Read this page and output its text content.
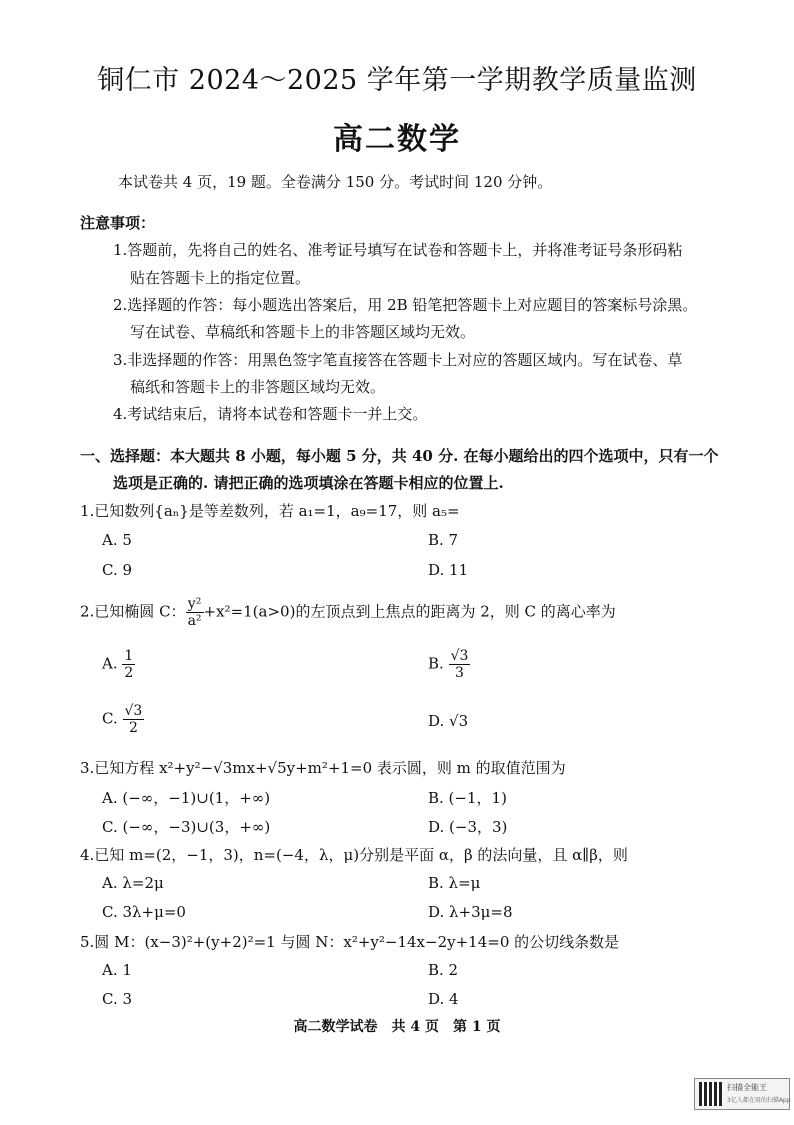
铜仁市 2024～2025 学年第一学期教学质量监测
高二数学
本试卷共 4 页，19 题。全卷满分 150 分。考试时间 120 分钟。
注意事项：
1.答题前，先将自己的姓名、准考证号填写在试卷和答题卡上，并将准考证号条形码粘
贴在答题卡上的指定位置。
2.选择题的作答：每小题选出答案后，用 2B 铅笔把答题卡上对应题目的答案标号涂黑。
写在试卷、草稿纸和答题卡上的非答题区域均无效。
3.非选择题的作答：用黑色签字笔直接答在答题卡上对应的答题区域内。写在试卷、草
稿纸和答题卡上的非答题区域均无效。
4.考试结束后，请将本试卷和答题卡一并上交。
一、选择题：本大题共 8 小题，每小题 5 分，共 40 分. 在每小题给出的四个选项中，只有一个
选项是正确的. 请把正确的选项填涂在答题卡相应的位置上.
1.已知数列{aₙ}是等差数列，若 a₁=1，a₉=17，则 a₅=
A. 5	B. 7
C. 9	D. 11
2.已知椭圆 C： $\frac{\text{y²}}{\text{a²}} +x^2=1(a>0)$的左顶点到上焦点的距离为 2，则 C 的离心率为
A. $\frac{1}{2}$	B. $\frac{√3}{3}$
C. $\frac{√3}{2}$	D. √3
3.已知方程 x²+y²−√3mx+√5y+m²+1=0 表示圆，则 m 的取值范围为
A. (−∞，−1)∪(1，+∞)	B. (−1，1)
C. (−∞，−3)∪(3，+∞)	D. (−3，3)
4.已知 m=(2，−1，3)，n=(−4，λ，μ)分别是平面 α，β 的法向量，且 α∥β，则
A. λ=2μ	B. λ=μ
C. 3λ+μ=0	D. λ+3μ=8
5.圆 M：(x−3)²+(y+2)²=1 与圆 N：x²+y²−14x−2y+14=0 的公切线条数是
A. 1	B. 2
C. 3	D. 4
高二数学试卷　共 4 页　第 1 页
扫描全能王
3亿人都在用的扫描App
